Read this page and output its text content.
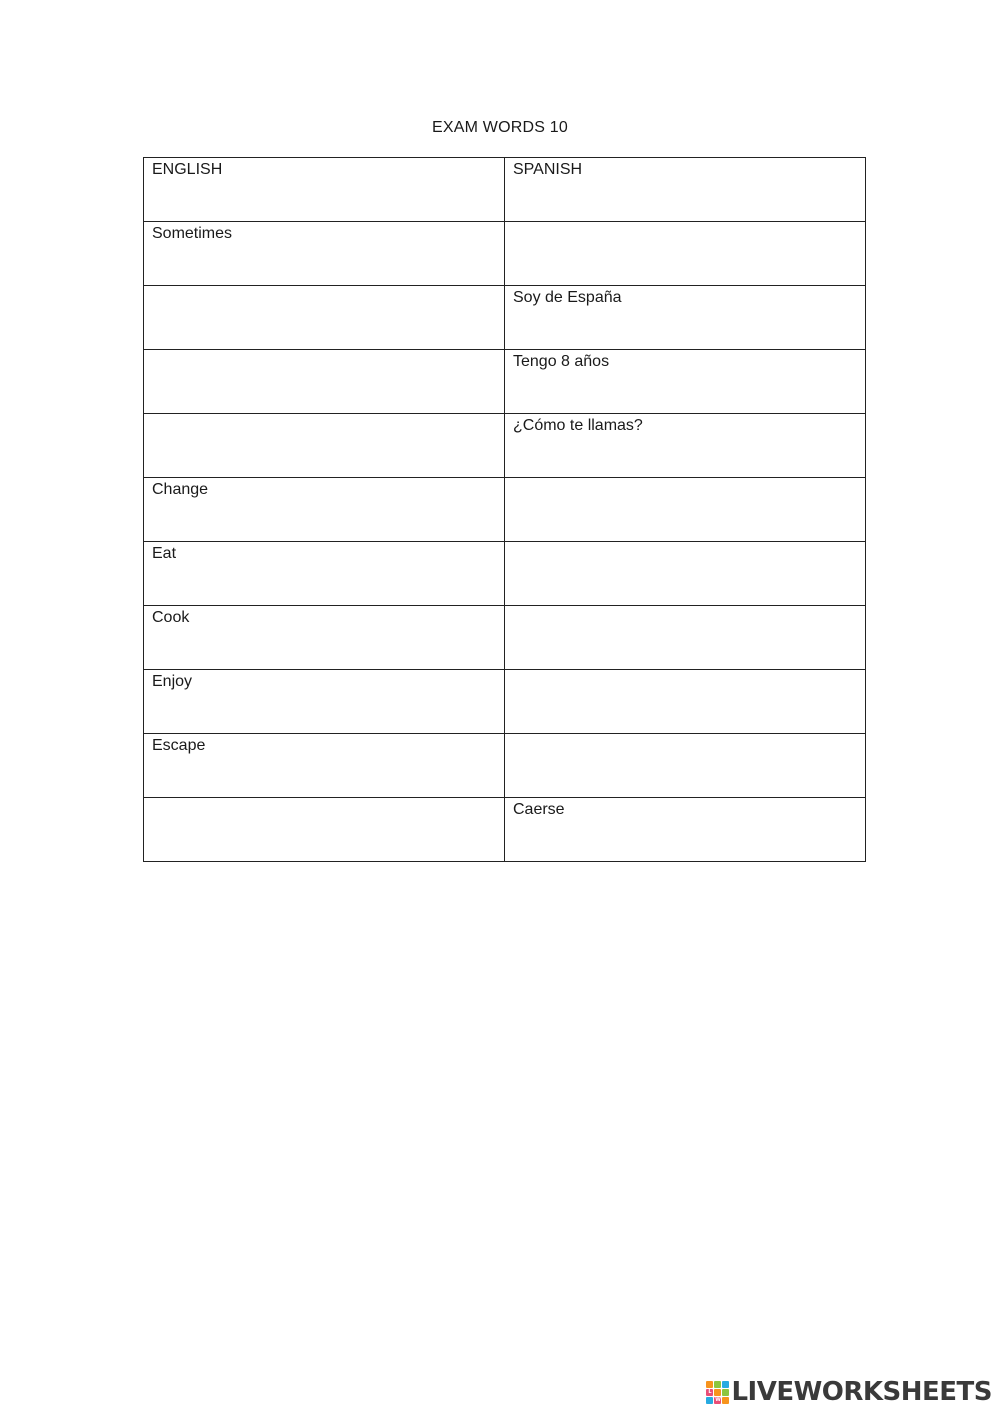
EXAM WORDS 10
ENGLISH	SPANISH
Sometimes	

	Soy de España

	Tengo 8 años

	¿Cómo te llamas?
Change	

Eat	

Cook	

Enjoy	

Escape	

	Caerse
L
W LIVEWORKSHEETS
